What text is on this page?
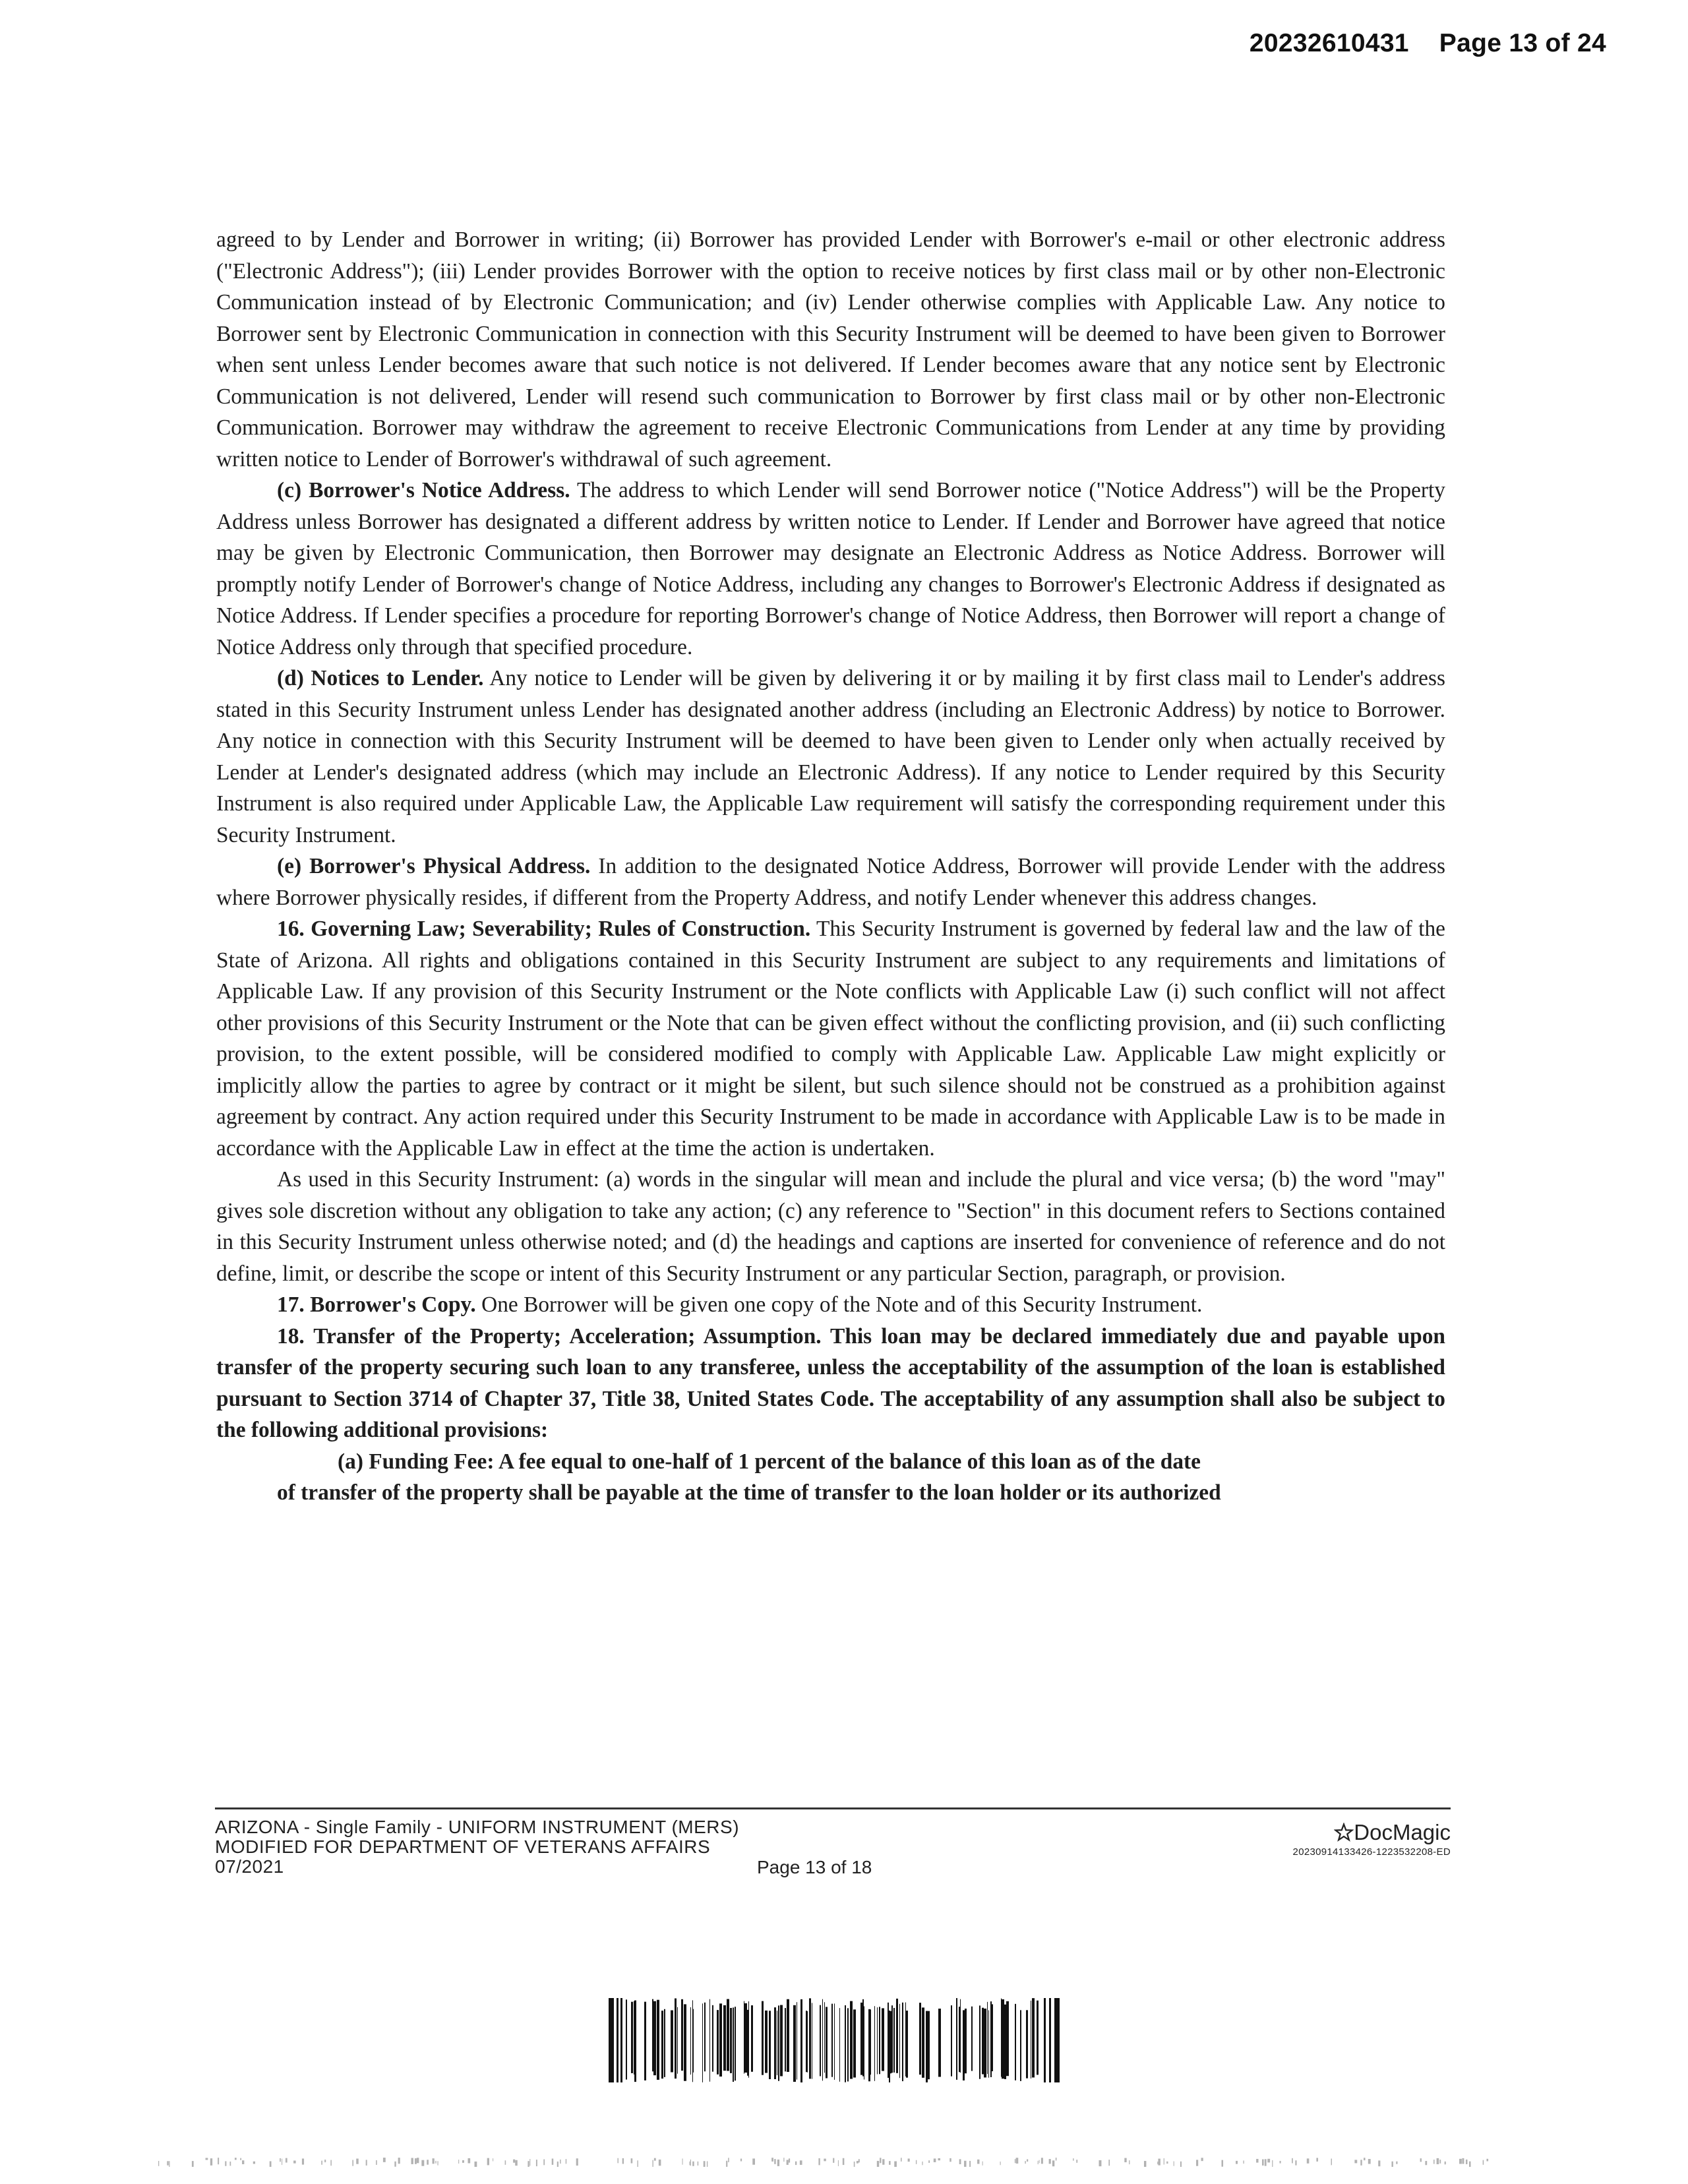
20232610431 Page 13 of 24

agreed to by Lender and Borrower in writing; (ii) Borrower has provided Lender with Borrower's e-mail or other electronic address ("Electronic Address"); (iii) Lender provides Borrower with the option to receive notices by first class mail or by other non-Electronic Communication instead of by Electronic Communication; and (iv) Lender otherwise complies with Applicable Law. Any notice to Borrower sent by Electronic Communication in connection with this Security Instrument will be deemed to have been given to Borrower when sent unless Lender becomes aware that such notice is not delivered. If Lender becomes aware that any notice sent by Electronic Communication is not delivered, Lender will resend such communication to Borrower by first class mail or by other non-Electronic Communication. Borrower may withdraw the agreement to receive Electronic Communications from Lender at any time by providing written notice to Lender of Borrower's withdrawal of such agreement.

(c) Borrower's Notice Address. The address to which Lender will send Borrower notice ("Notice Address") will be the Property Address unless Borrower has designated a different address by written notice to Lender. If Lender and Borrower have agreed that notice may be given by Electronic Communication, then Borrower may designate an Electronic Address as Notice Address. Borrower will promptly notify Lender of Borrower's change of Notice Address, including any changes to Borrower's Electronic Address if designated as Notice Address. If Lender specifies a procedure for reporting Borrower's change of Notice Address, then Borrower will report a change of Notice Address only through that specified procedure.

(d) Notices to Lender. Any notice to Lender will be given by delivering it or by mailing it by first class mail to Lender's address stated in this Security Instrument unless Lender has designated another address (including an Electronic Address) by notice to Borrower. Any notice in connection with this Security Instrument will be deemed to have been given to Lender only when actually received by Lender at Lender's designated address (which may include an Electronic Address). If any notice to Lender required by this Security Instrument is also required under Applicable Law, the Applicable Law requirement will satisfy the corresponding requirement under this Security Instrument.

(e) Borrower's Physical Address. In addition to the designated Notice Address, Borrower will provide Lender with the address where Borrower physically resides, if different from the Property Address, and notify Lender whenever this address changes.

16. Governing Law; Severability; Rules of Construction. This Security Instrument is governed by federal law and the law of the State of Arizona. All rights and obligations contained in this Security Instrument are subject to any requirements and limitations of Applicable Law. If any provision of this Security Instrument or the Note conflicts with Applicable Law (i) such conflict will not affect other provisions of this Security Instrument or the Note that can be given effect without the conflicting provision, and (ii) such conflicting provision, to the extent possible, will be considered modified to comply with Applicable Law. Applicable Law might explicitly or implicitly allow the parties to agree by contract or it might be silent, but such silence should not be construed as a prohibition against agreement by contract. Any action required under this Security Instrument to be made in accordance with Applicable Law is to be made in accordance with the Applicable Law in effect at the time the action is undertaken.

As used in this Security Instrument: (a) words in the singular will mean and include the plural and vice versa; (b) the word "may" gives sole discretion without any obligation to take any action; (c) any reference to "Section" in this document refers to Sections contained in this Security Instrument unless otherwise noted; and (d) the headings and captions are inserted for convenience of reference and do not define, limit, or describe the scope or intent of this Security Instrument or any particular Section, paragraph, or provision.

17. Borrower's Copy. One Borrower will be given one copy of the Note and of this Security Instrument.

18. Transfer of the Property; Acceleration; Assumption. This loan may be declared immediately due and payable upon transfer of the property securing such loan to any transferee, unless the acceptability of the assumption of the loan is established pursuant to Section 3714 of Chapter 37, Title 38, United States Code. The acceptability of any assumption shall also be subject to the following additional provisions:

(a) Funding Fee: A fee equal to one-half of 1 percent of the balance of this loan as of the date

of transfer of the property shall be payable at the time of transfer to the loan holder or its authorized

ARIZONA - Single Family - UNIFORM INSTRUMENT (MERS)
MODIFIED FOR DEPARTMENT OF VETERANS AFFAIRS
07/2021	Page 13 of 18
DocMagic
20230914133426-1223532208-ED
